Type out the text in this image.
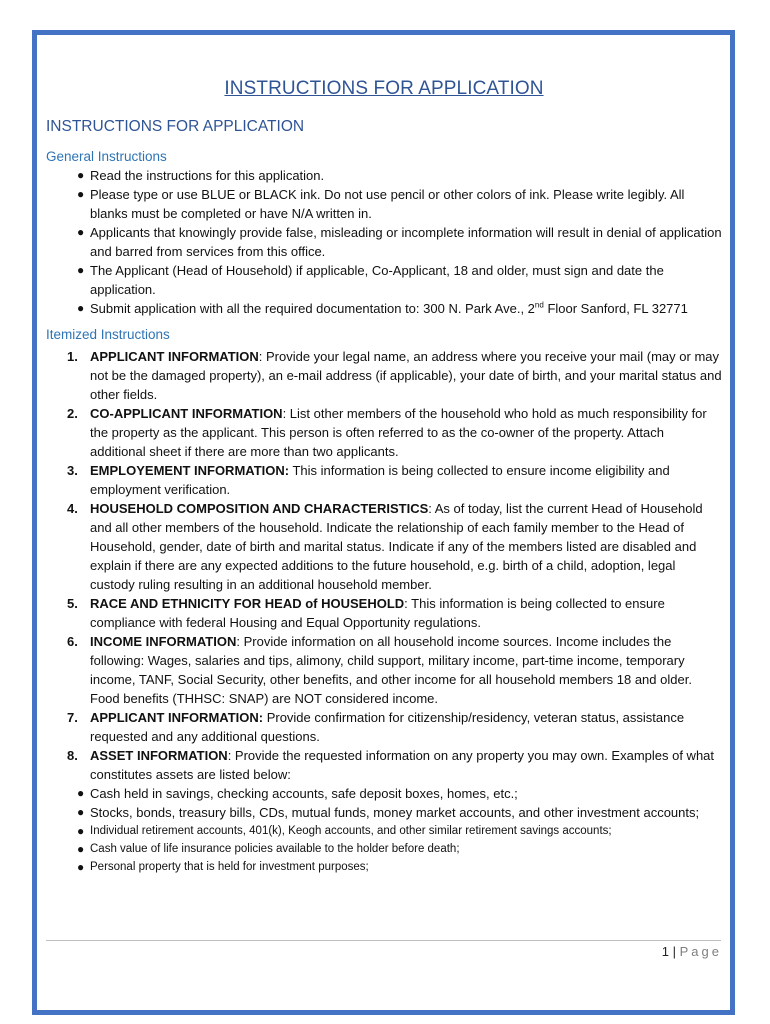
INSTRUCTIONS FOR APPLICATION
INSTRUCTIONS FOR APPLICATION
General Instructions
● Read the instructions for this application.
● Please type or use BLUE or BLACK ink. Do not use pencil or other colors of ink. Please write legibly. All blanks must be completed or have N/A written in.
● Applicants that knowingly provide false, misleading or incomplete information will result in denial of application and barred from services from this office.
● The Applicant (Head of Household) if applicable, Co-Applicant, 18 and older, must sign and date the application.
● Submit application with all the required documentation to: 300 N. Park Ave., 2nd Floor Sanford, FL 32771
Itemized Instructions
1. APPLICANT INFORMATION: Provide your legal name, an address where you receive your mail (may or may not be the damaged property), an e-mail address (if applicable), your date of birth, and your marital status and other fields.
2. CO-APPLICANT INFORMATION: List other members of the household who hold as much responsibility for the property as the applicant. This person is often referred to as the co-owner of the property. Attach additional sheet if there are more than two applicants.
3. EMPLOYEMENT INFORMATION: This information is being collected to ensure income eligibility and employment verification.
4. HOUSEHOLD COMPOSITION AND CHARACTERISTICS: As of today, list the current Head of Household and all other members of the household. Indicate the relationship of each family member to the Head of Household, gender, date of birth and marital status. Indicate if any of the members listed are disabled and explain if there are any expected additions to the future household, e.g. birth of a child, adoption, legal custody ruling resulting in an additional household member.
5. RACE AND ETHNICITY FOR HEAD of HOUSEHOLD: This information is being collected to ensure compliance with federal Housing and Equal Opportunity regulations.
6. INCOME INFORMATION: Provide information on all household income sources. Income includes the following: Wages, salaries and tips, alimony, child support, military income, part-time income, temporary income, TANF, Social Security, other benefits, and other income for all household members 18 and older. Food benefits (THHSC: SNAP) are NOT considered income.
7. APPLICANT INFORMATION: Provide confirmation for citizenship/residency, veteran status, assistance requested and any additional questions.
8. ASSET INFORMATION: Provide the requested information on any property you may own. Examples of what constitutes assets are listed below:
● Cash held in savings, checking accounts, safe deposit boxes, homes, etc.;
● Stocks, bonds, treasury bills, CDs, mutual funds, money market accounts, and other investment accounts;
● Individual retirement accounts, 401(k), Keogh accounts, and other similar retirement savings accounts;
● Cash value of life insurance policies available to the holder before death;
● Personal property that is held for investment purposes;
1 | Page
